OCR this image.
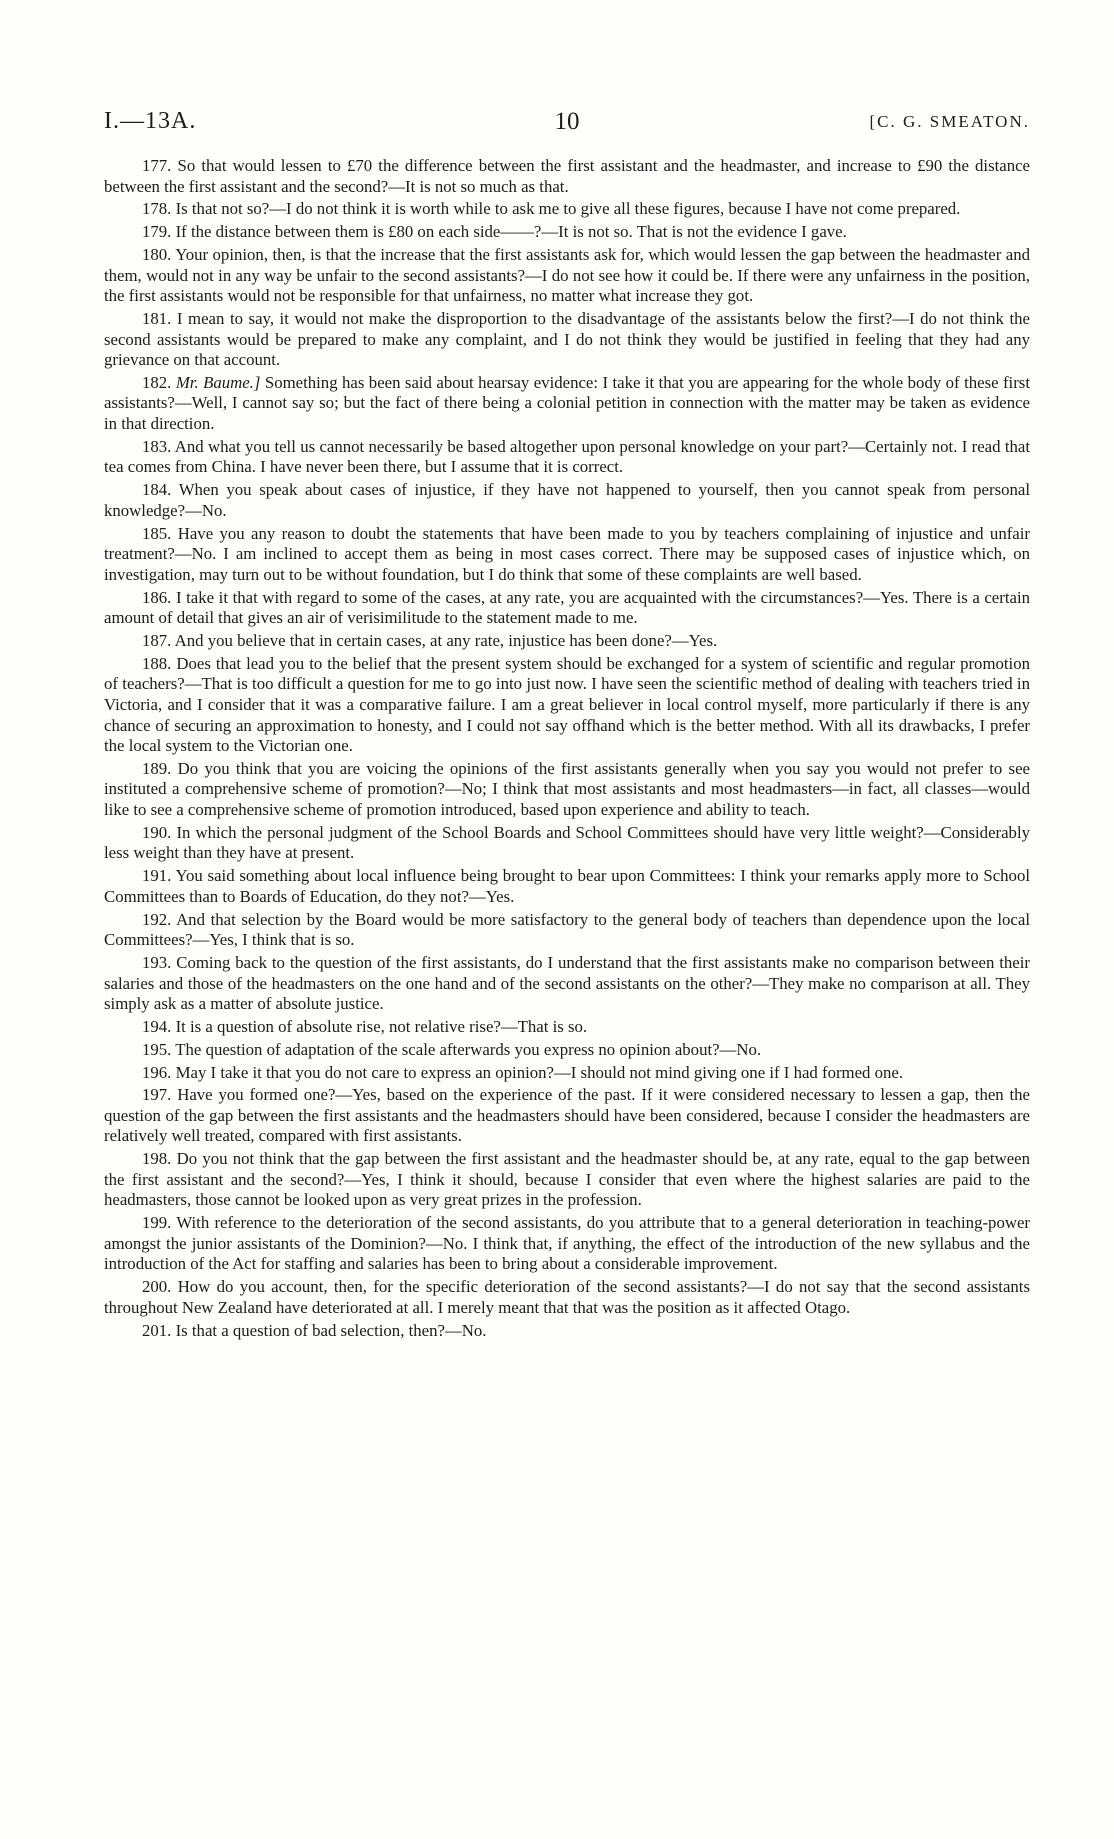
I.—13A.	10	[C. G. SMEATON.

177. So that would lessen to £70 the difference between the first assistant and the headmaster, and increase to £90 the distance between the first assistant and the second?—It is not so much as that.

178. Is that not so?—I do not think it is worth while to ask me to give all these figures, because I have not come prepared.

179. If the distance between them is £80 on each side——?—It is not so. That is not the evidence I gave.

180. Your opinion, then, is that the increase that the first assistants ask for, which would lessen the gap between the headmaster and them, would not in any way be unfair to the second assistants?—I do not see how it could be. If there were any unfairness in the position, the first assistants would not be responsible for that unfairness, no matter what increase they got.

181. I mean to say, it would not make the disproportion to the disadvantage of the assistants below the first?—I do not think the second assistants would be prepared to make any complaint, and I do not think they would be justified in feeling that they had any grievance on that account.

182. Mr. Baume.] Something has been said about hearsay evidence: I take it that you are appearing for the whole body of these first assistants?—Well, I cannot say so; but the fact of there being a colonial petition in connection with the matter may be taken as evidence in that direction.

183. And what you tell us cannot necessarily be based altogether upon personal knowledge on your part?—Certainly not. I read that tea comes from China. I have never been there, but I assume that it is correct.

184. When you speak about cases of injustice, if they have not happened to yourself, then you cannot speak from personal knowledge?—No.

185. Have you any reason to doubt the statements that have been made to you by teachers complaining of injustice and unfair treatment?—No. I am inclined to accept them as being in most cases correct. There may be supposed cases of injustice which, on investigation, may turn out to be without foundation, but I do think that some of these complaints are well based.

186. I take it that with regard to some of the cases, at any rate, you are acquainted with the circumstances?—Yes. There is a certain amount of detail that gives an air of verisimilitude to the statement made to me.

187. And you believe that in certain cases, at any rate, injustice has been done?—Yes.

188. Does that lead you to the belief that the present system should be exchanged for a system of scientific and regular promotion of teachers?—That is too difficult a question for me to go into just now. I have seen the scientific method of dealing with teachers tried in Victoria, and I consider that it was a comparative failure. I am a great believer in local control myself, more particularly if there is any chance of securing an approximation to honesty, and I could not say offhand which is the better method. With all its drawbacks, I prefer the local system to the Victorian one.

189. Do you think that you are voicing the opinions of the first assistants generally when you say you would not prefer to see instituted a comprehensive scheme of promotion?—No; I think that most assistants and most headmasters—in fact, all classes—would like to see a comprehensive scheme of promotion introduced, based upon experience and ability to teach.

190. In which the personal judgment of the School Boards and School Committees should have very little weight?—Considerably less weight than they have at present.

191. You said something about local influence being brought to bear upon Committees: I think your remarks apply more to School Committees than to Boards of Education, do they not?—Yes.

192. And that selection by the Board would be more satisfactory to the general body of teachers than dependence upon the local Committees?—Yes, I think that is so.

193. Coming back to the question of the first assistants, do I understand that the first assistants make no comparison between their salaries and those of the headmasters on the one hand and of the second assistants on the other?—They make no comparison at all. They simply ask as a matter of absolute justice.

194. It is a question of absolute rise, not relative rise?—That is so.

195. The question of adaptation of the scale afterwards you express no opinion about?—No.

196. May I take it that you do not care to express an opinion?—I should not mind giving one if I had formed one.

197. Have you formed one?—Yes, based on the experience of the past. If it were considered necessary to lessen a gap, then the question of the gap between the first assistants and the headmasters should have been considered, because I consider the headmasters are relatively well treated, compared with first assistants.

198. Do you not think that the gap between the first assistant and the headmaster should be, at any rate, equal to the gap between the first assistant and the second?—Yes, I think it should, because I consider that even where the highest salaries are paid to the headmasters, those cannot be looked upon as very great prizes in the profession.

199. With reference to the deterioration of the second assistants, do you attribute that to a general deterioration in teaching-power amongst the junior assistants of the Dominion?—No. I think that, if anything, the effect of the introduction of the new syllabus and the introduction of the Act for staffing and salaries has been to bring about a considerable improvement.

200. How do you account, then, for the specific deterioration of the second assistants?—I do not say that the second assistants throughout New Zealand have deteriorated at all. I merely meant that that was the position as it affected Otago.

201. Is that a question of bad selection, then?—No.
